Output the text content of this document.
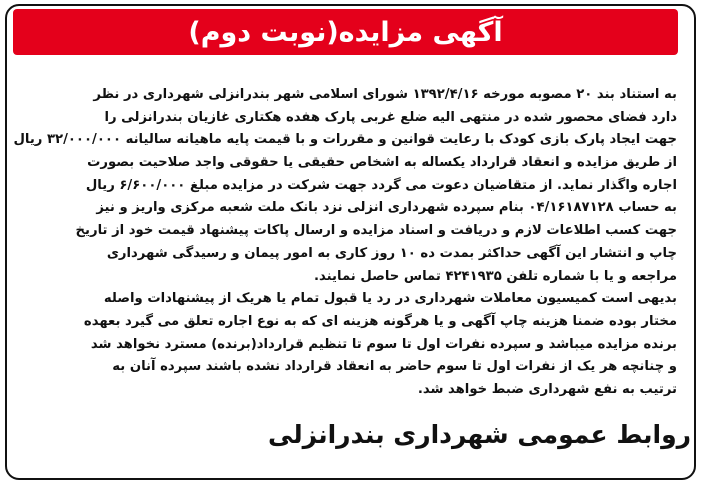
آگهی مزایده(نوبت دوم)
به استناد بند ۲۰ مصوبه مورخه ۱۳۹۲/۴/۱۶ شورای اسلامی شهر بندرانزلی شهرداری در نظر
دارد فضای محصور شده در منتهی الیه ضلع غربی پارک هفده هکتاری غازیان بندرانزلی را
جهت ایجاد پارک بازی کودک با رعایت قوانین و مقررات و با قیمت پایه ماهیانه سالیانه ۳۲/۰۰۰/۰۰۰ ریال
از طریق مزایده و انعقاد قرارداد یکساله به اشخاص حقیقی یا حقوقی واجد صلاحیت بصورت
اجاره واگذار نماید. از متقاضیان دعوت می گردد جهت شرکت در مزایده مبلغ ۶/۶۰۰/۰۰۰ ریال
به حساب ۰۴/۱۶۱۸۷۱۲۸ بنام سپرده شهرداری انزلی نزد بانک ملت شعبه مرکزی واریز و نیز
جهت کسب اطلاعات لازم و دریافت و اسناد مزایده و ارسال پاکات پیشنهاد قیمت خود از تاریخ
چاپ و انتشار این آگهی حداکثر بمدت ده ۱۰ روز کاری به امور پیمان و رسیدگی شهرداری
مراجعه و یا با شماره تلفن ۴۲۴۱۹۳۵ تماس حاصل نمایند.
بدیهی است کمیسیون معاملات شهرداری در رد یا قبول تمام یا هریک از پیشنهادات واصله
مختار بوده ضمنا هزینه چاپ آگهی و یا هرگونه هزینه ای که به نوع اجاره تعلق می گیرد بعهده
برنده مزایده میباشد و سپرده نفرات اول تا سوم تا تنظیم قرارداد(برنده) مسترد نخواهد شد
و چنانچه هر یک از نفرات اول تا سوم حاضر به انعقاد قرارداد نشده باشند سپرده آنان به
ترتیب به نفع شهرداری ضبط خواهد شد.
روابط عمومی شهرداری بندرانزلی
